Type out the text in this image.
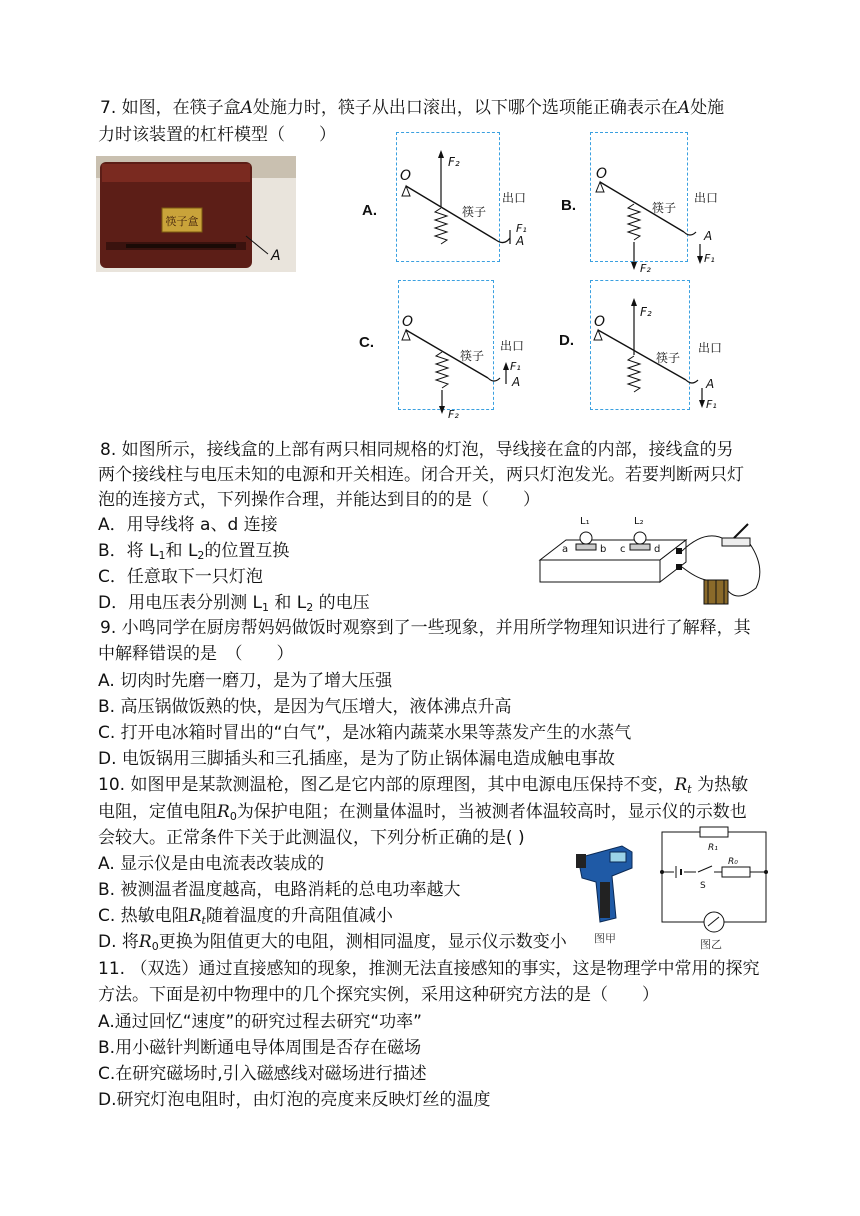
7. 如图，在筷子盒A处施力时，筷子从出口滚出，以下哪个选项能正确表示在A处施
力时该装置的杠杆模型（　　）
筷子盒
A
A.	B.
C.	D.
O
F₂
筷子
出口
F₁
A
O
F₂
筷子
出口
A
F₁
O
F₂
筷子
出口
F₁
A
O
F₂
筷子
出口
A
F₁
8. 如图所示，接线盒的上部有两只相同规格的灯泡，导线接在盒的内部，接线盒的另
两个接线柱与电压未知的电源和开关相连。闭合开关，两只灯泡发光。若要判断两只灯
泡的连接方式，下列操作合理，并能达到目的的是（　　）
A．用导线将 a、d 连接
B．将 $L_1$和 $L_2$的位置互换
C．任意取下一只灯泡
D．用电压表分别测 $L_1$ 和 $L_2$ 的电压
L₁	L₂
a	b c	d
9. 小鸣同学在厨房帮妈妈做饭时观察到了一些现象，并用所学物理知识进行了解释，其
中解释错误的是　（　　）
A. 切肉时先磨一磨刀，是为了增大压强
B. 高压锅做饭熟的快，是因为气压增大，液体沸点升高
C. 打开电冰箱时冒出的“白气”，是冰箱内蔬菜水果等蒸发产生的水蒸气
D. 电饭锅用三脚插头和三孔插座，是为了防止锅体漏电造成触电事故
10. 如图甲是某款测温枪，图乙是它内部的原理图，其中电源电压保持不变，$R_t$ 为热敏
电阻，定值电阻$R_0$为保护电阻；在测量体温时，当被测者体温较高时，显示仪的示数也
会较大。正常条件下关于此测温仪，下列分析正确的是( )
A. 显示仪是由电流表改装成的
B. 被测温者温度越高，电路消耗的总电功率越大
C. 热敏电阻$R_t$随着温度的升高阻值减小
D. 将$R_0$更换为阻值更大的电阻，测相同温度，显示仪示数变小 图甲
R₁
S
R₀
图乙
11. （双选）通过直接感知的现象，推测无法直接感知的事实，这是物理学中常用的探究
方法。下面是初中物理中的几个探究实例，采用这种研究方法的是（　　）
A.通过回忆“速度”的研究过程去研究“功率”
B.用小磁针判断通电导体周围是否存在磁场
C.在研究磁场时,引入磁感线对磁场进行描述
D.研究灯泡电阻时，由灯泡的亮度来反映灯丝的温度
